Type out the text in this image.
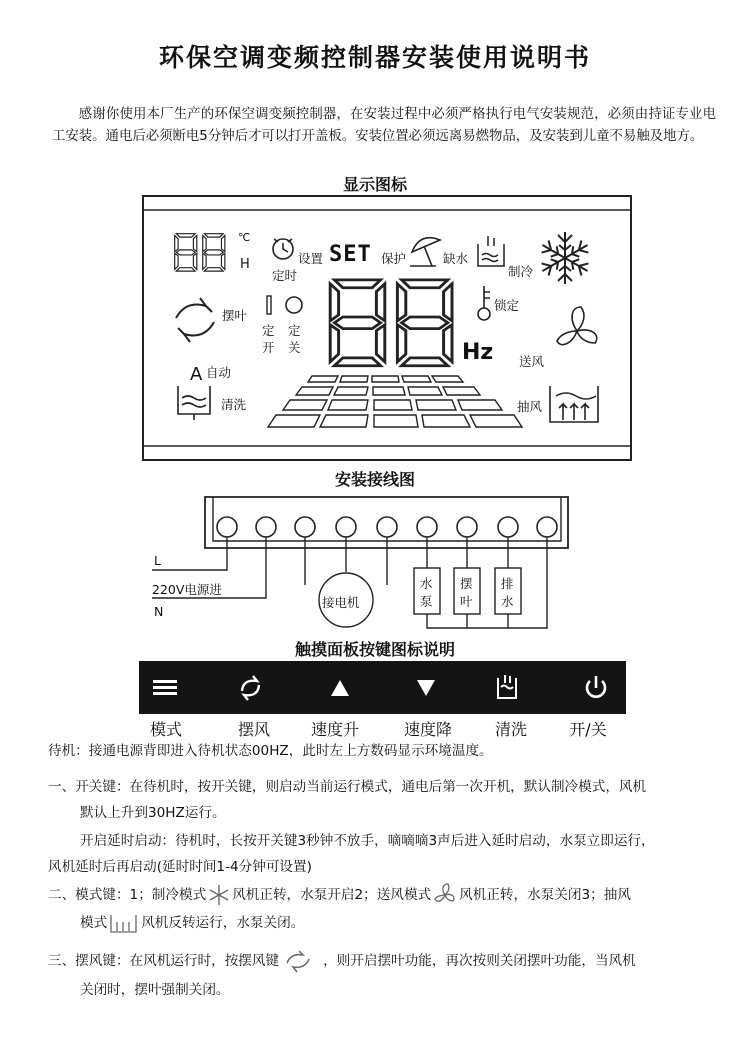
环保空调变频控制器安装使用说明书
感谢你使用本厂生产的环保空调变频控制器，在安装过程中必须严格执行电气安装规范，必须由持证专业电工安装。通电后必须断电5分钟后才可以打开盖板。安装位置必须远离易燃物品，及安装到儿童不易触及地方。
显示图标
℃
H
定时
设置 SET 保护	缺水
制冷
摆叶
定
开
定
关
锁定
Hz
A 自动
清洗
送风
抽风
安装接线图
L
220V电源进
N
接电机
水
泵
摆
叶
排
水
触摸面板按键图标说明
模式	摆风	速度升	速度降	清洗	开/关
待机：接通电源背即进入待机状态00HZ，此时左上方数码显示环境温度。
一、开关键：在待机时，按开关键，则启动当前运行模式，通电后第一次开机，默认制冷模式，风机
默认上升到30HZ运行。
开启延时启动：待机时，长按开关键3秒钟不放手，嘀嘀嘀3声后进入延时启动，水泵立即运行，
风机延时后再启动(延时时间1-4分钟可设置)
二、模式键：1；制冷模式 风机正转，水泵开启2；送风模式 风机正转，水泵关闭3；抽风
模式	风机反转运行，水泵关闭。
三、摆风键：在风机运行时，按摆风键	，则开启摆叶功能，再次按则关闭摆叶功能，当风机
关闭时，摆叶强制关闭。
